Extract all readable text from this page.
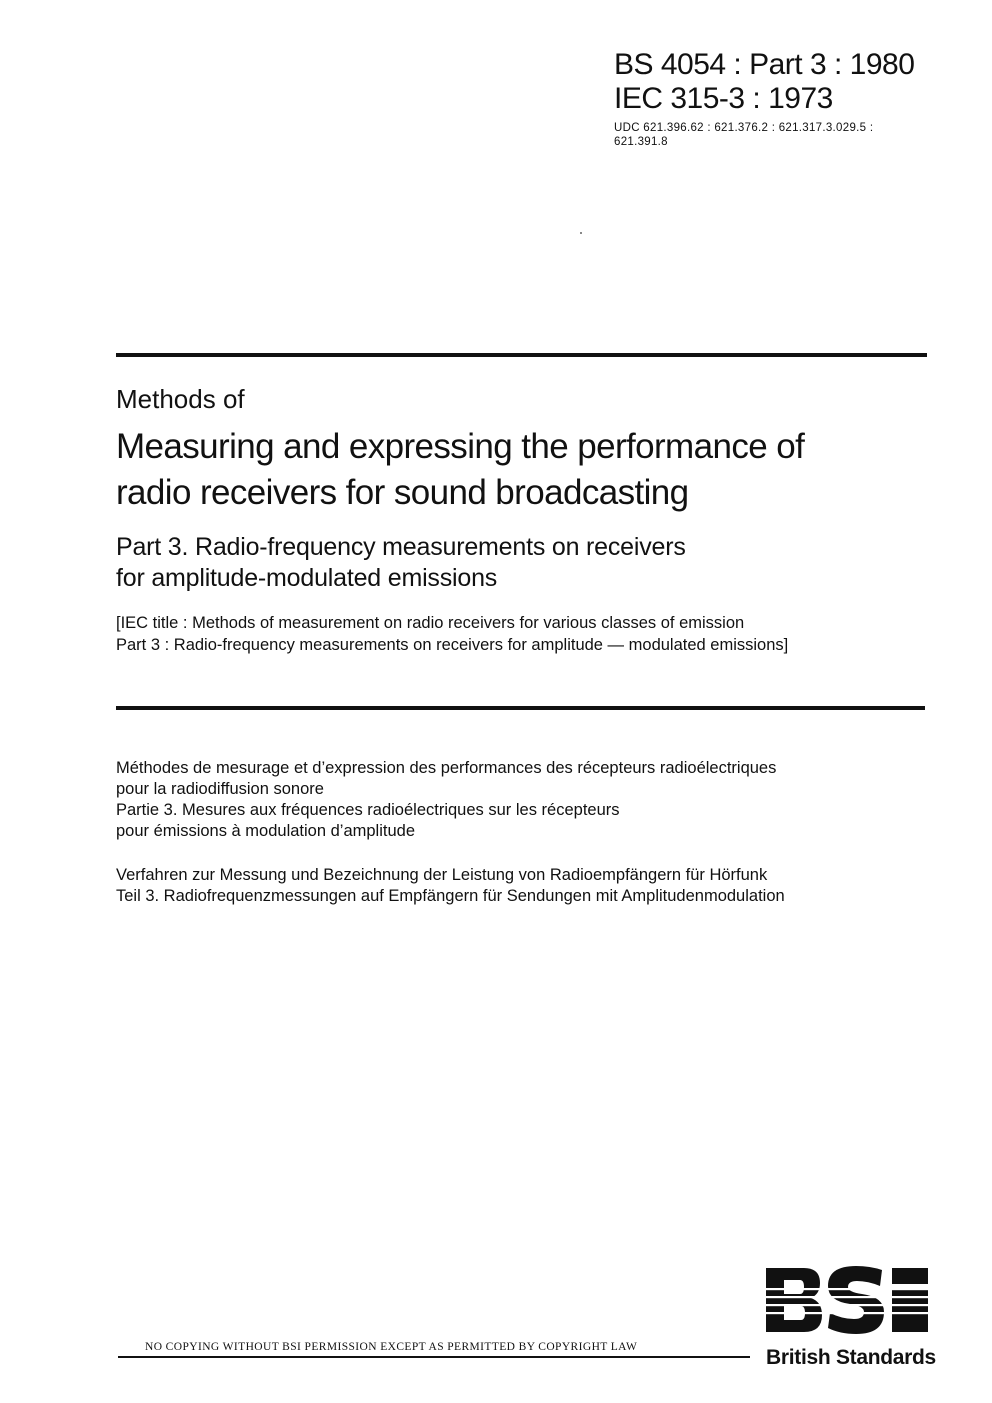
BS 4054 : Part 3 : 1980
IEC 315-3 : 1973
UDC 621.396.62 : 621.376.2 : 621.317.3.029.5 :
621.391.8
Methods of
Measuring and expressing the performance of
radio receivers for sound broadcasting
Part 3. Radio-frequency measurements on receivers
for amplitude-modulated emissions
[IEC title : Methods of measurement on radio receivers for various classes of emission
Part 3 : Radio-frequency measurements on receivers for amplitude — modulated emissions]
Méthodes de mesurage et d’expression des performances des récepteurs radioélectriques
pour la radiodiffusion sonore
Partie 3. Mesures aux fréquences radioélectriques sur les récepteurs
pour émissions à modulation d’amplitude
Verfahren zur Messung und Bezeichnung der Leistung von Radioempfängern für Hörfunk
Teil 3. Radiofrequenzmessungen auf Empfängern für Sendungen mit Amplitudenmodulation
British Standards
NO COPYING WITHOUT BSI PERMISSION EXCEPT AS PERMITTED BY COPYRIGHT LAW
